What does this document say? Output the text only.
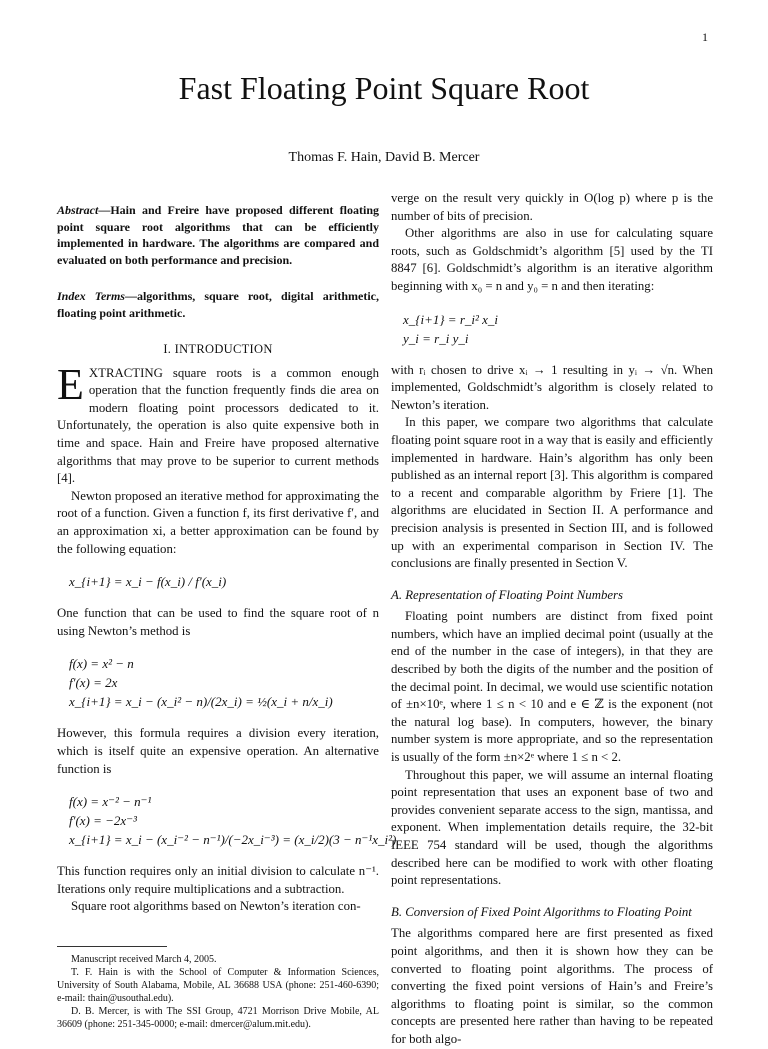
1
Fast Floating Point Square Root
Thomas F. Hain, David B. Mercer

Abstract—Hain and Freire have proposed different floating point square root algorithms that can be efficiently implemented in hardware. The algorithms are compared and evaluated on both performance and precision.

Index Terms—algorithms, square root, digital arithmetic, floating point arithmetic.

I. INTRODUCTION

EXTRACTING square roots is a common enough operation that the function frequently finds die area on modern floating point processors dedicated to it. Unfortunately, the operation is also quite expensive both in time and space. Hain and Freire have proposed alternative algorithms that may prove to be superior to current methods [4].

Newton proposed an iterative method for approximating the root of a function. Given a function f, its first derivative f′, and an approximation xi, a better approximation can be found by the following equation:

x_{i+1} = x_i − f(x_i) / f′(x_i)

One function that can be used to find the square root of n using Newton’s method is

f(x) = x² − n
f′(x) = 2x
x_{i+1} = x_i − (x_i² − n)/(2x_i) = ½(x_i + n/x_i)

However, this formula requires a division every iteration, which is itself quite an expensive operation. An alternative function is

f(x) = x⁻² − n⁻¹
f′(x) = −2x⁻³
x_{i+1} = x_i − (x_i⁻² − n⁻¹)/(−2x_i⁻³) = (x_i/2)(3 − n⁻¹x_i²)

This function requires only an initial division to calculate n⁻¹. Iterations only require multiplications and a subtraction.

Square root algorithms based on Newton’s iteration con-

Manuscript received March 4, 2005.

T. F. Hain is with the School of Computer & Information Sciences, University of South Alabama, Mobile, AL 36688 USA (phone: 251-460-6390; e-mail: thain@usouthal.edu).

D. B. Mercer, is with The SSI Group, 4721 Morrison Drive Mobile, AL 36609 (phone: 251-345-0000; e-mail: dmercer@alum.mit.edu).

verge on the result very quickly in O(log p) where p is the number of bits of precision.

Other algorithms are also in use for calculating square roots, such as Goldschmidt’s algorithm [5] used by the TI 8847 [6]. Goldschmidt’s algorithm is an iterative algorithm beginning with x₀ = n and y₀ = n and then iterating:

x_{i+1} = r_i² x_i
y_i = r_i y_i

with rᵢ chosen to drive xᵢ → 1 resulting in yᵢ → √n. When implemented, Goldschmidt’s algorithm is closely related to Newton’s iteration.

In this paper, we compare two algorithms that calculate floating point square root in a way that is easily and efficiently implemented in hardware. Hain’s algorithm has only been published as an internal report [3]. This algorithm is compared to a recent and comparable algorithm by Friere [1]. The algorithms are elucidated in Section II. A performance and precision analysis is presented in Section III, and is followed up with an experimental comparison in Section IV. The conclusions are finally presented in Section V.

A. Representation of Floating Point Numbers

Floating point numbers are distinct from fixed point numbers, which have an implied decimal point (usually at the end of the number in the case of integers), in that they are described by both the digits of the number and the position of the decimal point. In decimal, we would use scientific notation of ±n×10ᵉ, where 1 ≤ n < 10 and e ∈ ℤ is the exponent (not the natural log base). In computers, however, the binary number system is more appropriate, and so the representation is usually of the form ±n×2ᵉ where 1 ≤ n < 2.

Throughout this paper, we will assume an internal floating point representation that uses an exponent base of two and provides convenient separate access to the sign, mantissa, and exponent. When implementation details require, the 32-bit IEEE 754 standard will be used, though the algorithms described here can be modified to work with other floating point representations.

B. Conversion of Fixed Point Algorithms to Floating Point

The algorithms compared here are first presented as fixed point algorithms, and then it is shown how they can be converted to floating point algorithms. The process of converting the fixed point versions of Hain’s and Freire’s algorithms to floating point is similar, so the common concepts are presented here rather than having to be repeated for both algo-
